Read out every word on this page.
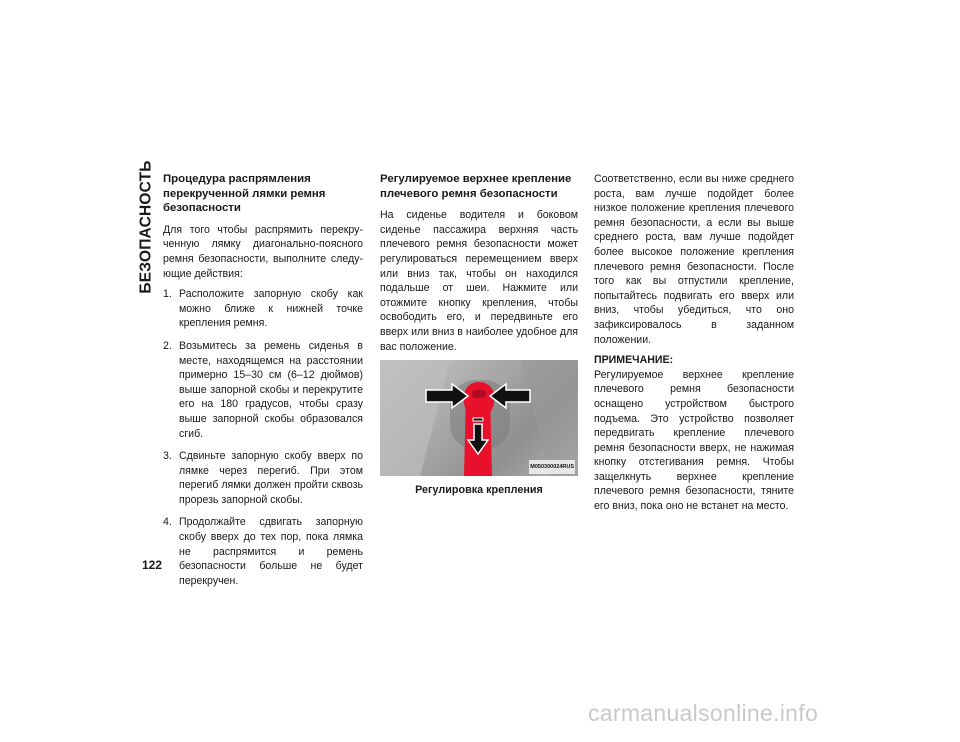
БЕЗОПАСНОСТЬ Процедура распрямления перекрученной лямки ремня безопасности

Для того чтобы распрямить перекрученную лямку диагонально-поясного ремня безопасности, выполните следующие действия:

1. Расположите запорную скобу как можно ближе к нижней точке крепления ремня.
2. Возьмитесь за ремень сиденья в месте, находящемся на расстоянии примерно 15–30 см (6–12 дюймов) выше запорной скобы и перекрутите его на 180 градусов, чтобы сразу выше запорной скобы образовался сгиб.
3. Сдвиньте запорную скобу вверх по лямке через перегиб. При этом перегиб лямки должен пройти сквозь прорезь запорной скобы.
4. Продолжайте сдвигать запорную скобу вверх до тех пор, пока лямка не распрямится и ремень безопасности больше не будет перекручен.
Регулируемое верхнее крепление плечевого ремня безопасности

На сиденье водителя и боковом сиденье пассажира верхняя часть плечевого ремня безопасности может регулироваться перемещением вверх или вниз так, чтобы он находился подальше от шеи. Нажмите или отожмите кнопку крепления, чтобы освободить его, и передвиньте его вверх или вниз в наиболее удобное для вас положение.

M050300024RUS
Регулировка крепления

Соответственно, если вы ниже среднего роста, вам лучше подойдет более низкое положение крепления плечевого ремня безопасности, а если вы выше среднего роста, вам лучше подойдет более высокое положение крепления плечевого ремня безопасности. После того как вы отпустили крепление, попытайтесь подвигать его вверх или вниз, чтобы убедиться, что оно зафиксировалось в заданном положении.

ПРИМЕЧАНИЕ:

Регулируемое верхнее крепление плечевого ремня безопасности оснащено устройством быстрого подъема. Это устройство позволяет передвигать крепление плечевого ремня безопасности вверх, не нажимая кнопку отстегивания ремня. Чтобы защелкнуть верхнее крепление плечевого ремня безопасности, тяните его вниз, пока оно не встанет на место.

122
carmanualsonline.info
